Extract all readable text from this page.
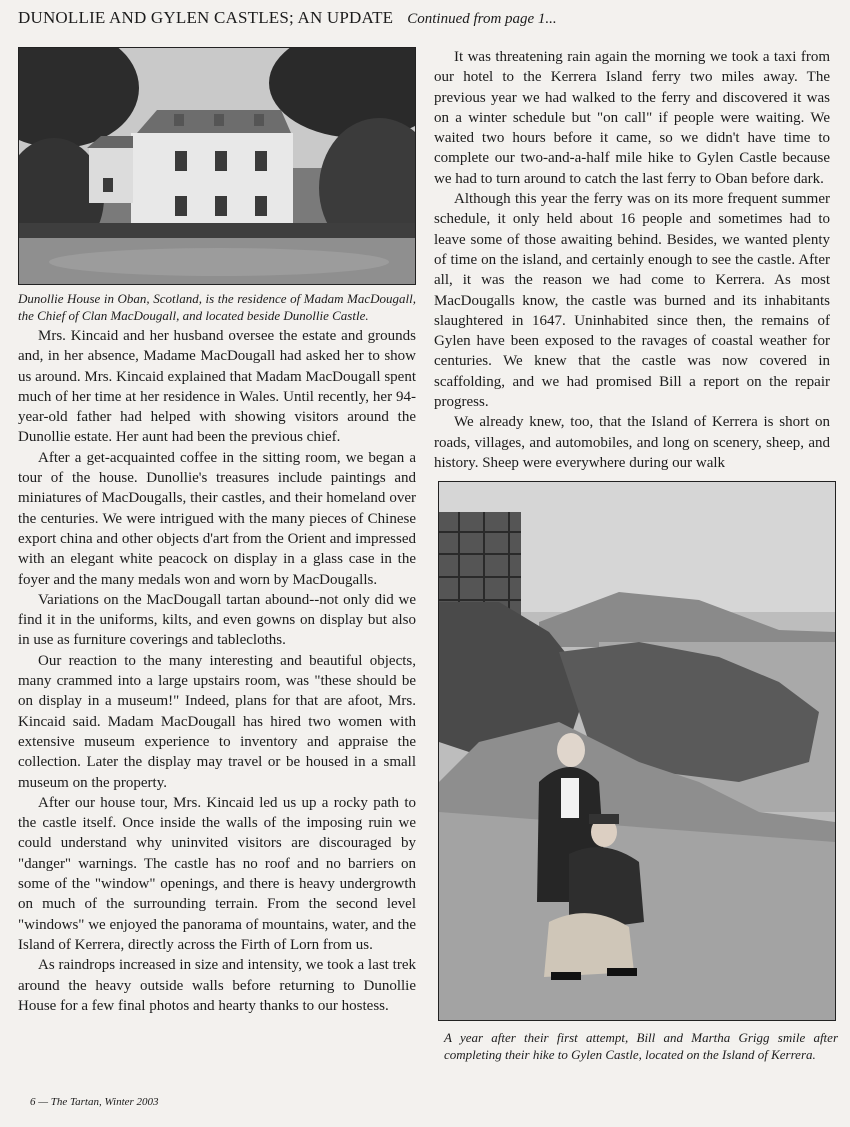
DUNOLLIE AND GYLEN CASTLES; AN UPDATE Continued from page 1...
Dunollie House in Oban, Scotland, is the residence of Madam MacDougall, the Chief of Clan MacDougall, and located beside Dunollie Castle.

Mrs. Kincaid and her husband oversee the estate and grounds and, in her absence, Madame MacDougall had asked her to show us around. Mrs. Kincaid explained that Madam MacDougall spent much of her time at her residence in Wales. Until recently, her 94-year-old father had helped with showing visitors around the Dunollie estate. Her aunt had been the previous chief.

After a get-acquainted coffee in the sitting room, we began a tour of the house. Dunollie's treasures include paintings and miniatures of MacDougalls, their castles, and their homeland over the centuries. We were intrigued with the many pieces of Chinese export china and other objects d'art from the Orient and impressed with an elegant white peacock on display in a glass case in the foyer and the many medals won and worn by MacDougalls.

Variations on the MacDougall tartan abound--not only did we find it in the uniforms, kilts, and even gowns on display but also in use as furniture coverings and tablecloths.

Our reaction to the many interesting and beautiful objects, many crammed into a large upstairs room, was "these should be on display in a museum!" Indeed, plans for that are afoot, Mrs. Kincaid said. Madam MacDougall has hired two women with extensive museum experience to inventory and appraise the collection. Later the display may travel or be housed in a small museum on the property.

After our house tour, Mrs. Kincaid led us up a rocky path to the castle itself. Once inside the walls of the imposing ruin we could understand why uninvited visitors are discouraged by "danger" warnings. The castle has no roof and no barriers on some of the "window" openings, and there is heavy undergrowth on much of the surrounding terrain. From the second level "windows" we enjoyed the panorama of mountains, water, and the Island of Kerrera, directly across the Firth of Lorn from us.

As raindrops increased in size and intensity, we took a last trek around the heavy outside walls before returning to Dunollie House for a few final photos and hearty thanks to our hostess.

It was threatening rain again the morning we took a taxi from our hotel to the Kerrera Island ferry two miles away. The previous year we had walked to the ferry and discovered it was on a winter schedule but "on call" if people were waiting. We waited two hours before it came, so we didn't have time to complete our two-and-a-half mile hike to Gylen Castle because we had to turn around to catch the last ferry to Oban before dark.

Although this year the ferry was on its more frequent summer schedule, it only held about 16 people and sometimes had to leave some of those awaiting behind. Besides, we wanted plenty of time on the island, and certainly enough to see the castle. After all, it was the reason we had come to Kerrera. As most MacDougalls know, the castle was burned and its inhabitants slaughtered in 1647. Uninhabited since then, the remains of Gylen have been exposed to the ravages of coastal weather for centuries. We knew that the castle was now covered in scaffolding, and we had promised Bill a report on the repair progress.

We already knew, too, that the Island of Kerrera is short on roads, villages, and automobiles, and long on scenery, sheep, and history. Sheep were everywhere during our walk

A year after their first attempt, Bill and Martha Grigg smile after completing their hike to Gylen Castle, located on the Island of Kerrera.
6 — The Tartan, Winter 2003
